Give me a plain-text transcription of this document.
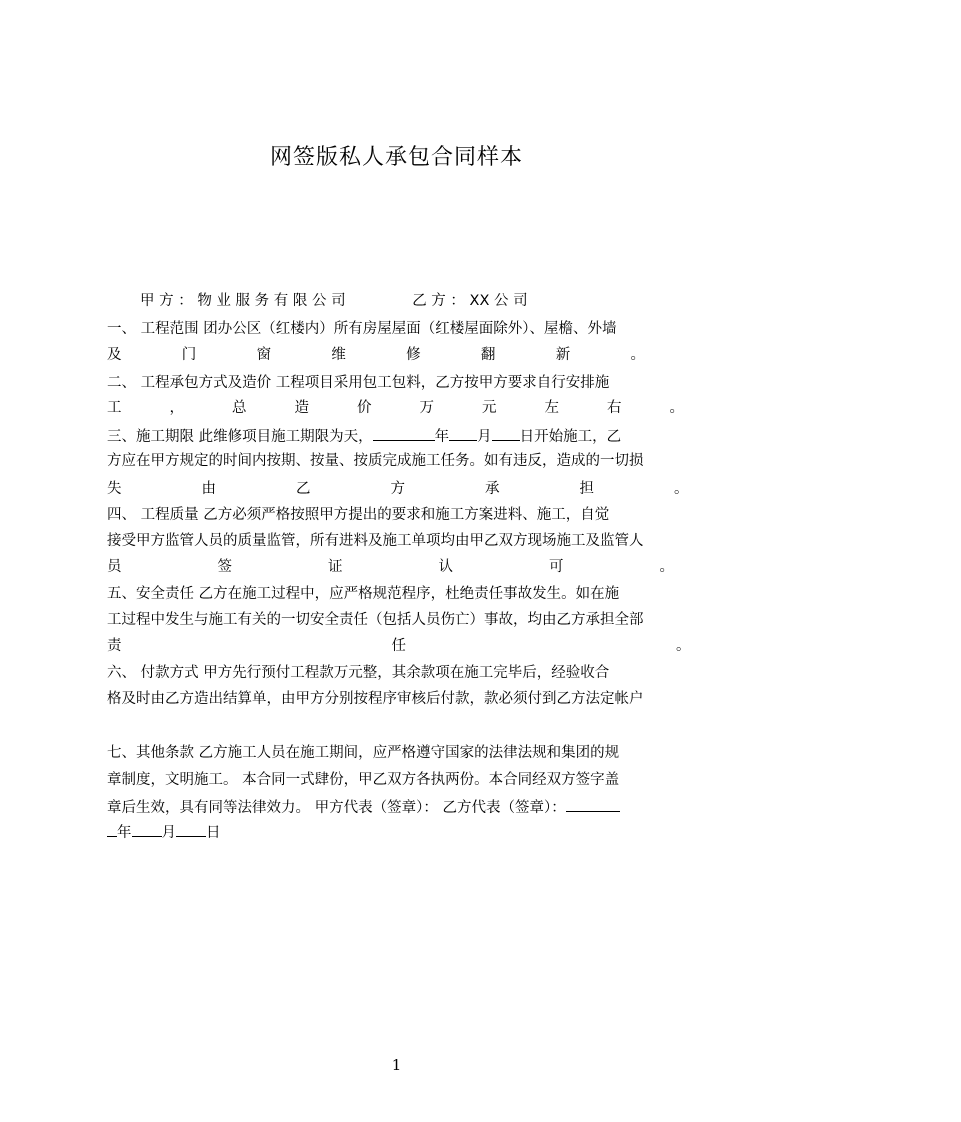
网签版私人承包合同样本
甲 方 ： 物 业 服 务 有 限 公 司	乙 方 ： XX 公 司
一、 工程范围 团办公区（红楼内）所有房屋屋面（红楼屋面除外）、屋檐、外墙
及门窗维修翻新。
二、 工程承包方式及造价 工程项目采用包工包料，乙方按甲方要求自行安排施
工，总造价万元左右。
三、施工期限 此维修项目施工期限为天，	年 月 日开始施工，乙
方应在甲方规定的时间内按期、按量、按质完成施工任务。如有违反，造成的一切损
失由乙方承担。
四、 工程质量 乙方必须严格按照甲方提出的要求和施工方案进料、施工，自觉
接受甲方监管人员的质量监管，所有进料及施工单项均由甲乙双方现场施工及监管人
员签证认可。
五、安全责任 乙方在施工过程中，应严格规范程序，杜绝责任事故发生。如在施
工过程中发生与施工有关的一切安全责任（包括人员伤亡）事故，均由乙方承担全部
责任。
六、 付款方式 甲方先行预付工程款万元整，其余款项在施工完毕后，经验收合
格及时由乙方造出结算单，由甲方分别按程序审核后付款，款必须付到乙方法定帐户
七、其他条款 乙方施工人员在施工期间，应严格遵守国家的法律法规和集团的规
章制度，文明施工。 本合同一式肆份，甲乙双方各执两份。本合同经双方签字盖
章后生效，具有同等法律效力。 甲方代表（签章）： 乙方代表（签章）：
年 月 日
1
